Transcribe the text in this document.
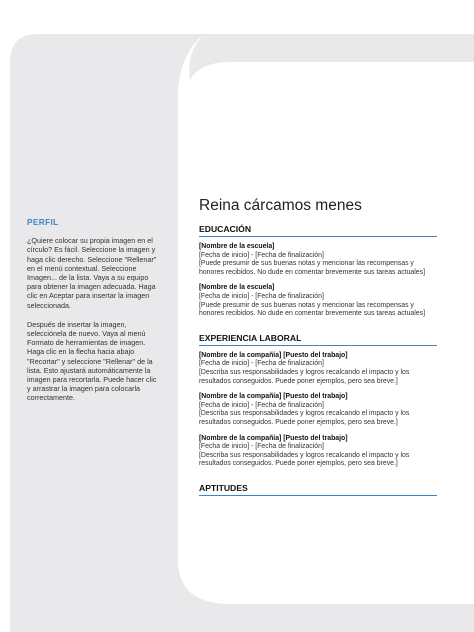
PERFIL

¿Quiere colocar su propia imagen en el círculo? Es fácil. Seleccione la imagen y haga clic derecho. Seleccione "Rellenar" en el menú contextual. Seleccione Imagen... de la lista. Vaya a su equipo para obtener la imagen adecuada. Haga clic en Aceptar para insertar la imagen seleccionada.

Después de insertar la imagen, selecciónela de nuevo. Vaya al menú Formato de herramientas de imagen. Haga clic en la flecha hacia abajo "Recortar" y seleccione "Rellenar" de la lista. Esto ajustará automáticamente la imagen para recortarla. Puede hacer clic y arrastrar la imagen para colocarla correctamente.

Reina cárcamos menes
EDUCACIÓN
[Nombre de la escuela]
[Fecha de inicio] - [Fecha de finalización]
[Puede presumir de sus buenas notas y mencionar las recompensas y honores recibidos. No dude en comentar brevemente sus tareas actuales]
[Nombre de la escuela]
[Fecha de inicio] - [Fecha de finalización]
[Puede presumir de sus buenas notas y mencionar las recompensas y honores recibidos. No dude en comentar brevemente sus tareas actuales]
EXPERIENCIA LABORAL
[Nombre de la compañía] [Puesto del trabajo]
[Fecha de inicio] - [Fecha de finalización]
[Describa sus responsabilidades y logros recalcando el impacto y los resultados conseguidos. Puede poner ejemplos, pero sea breve.]
[Nombre de la compañía] [Puesto del trabajo]
[Fecha de inicio] - [Fecha de finalización]
[Describa sus responsabilidades y logros recalcando el impacto y los resultados conseguidos. Puede poner ejemplos, pero sea breve.]
[Nombre de la compañía] [Puesto del trabajo]
[Fecha de inicio] - [Fecha de finalización]
[Describa sus responsabilidades y logros recalcando el impacto y los resultados conseguidos. Puede poner ejemplos, pero sea breve.]
APTITUDES
